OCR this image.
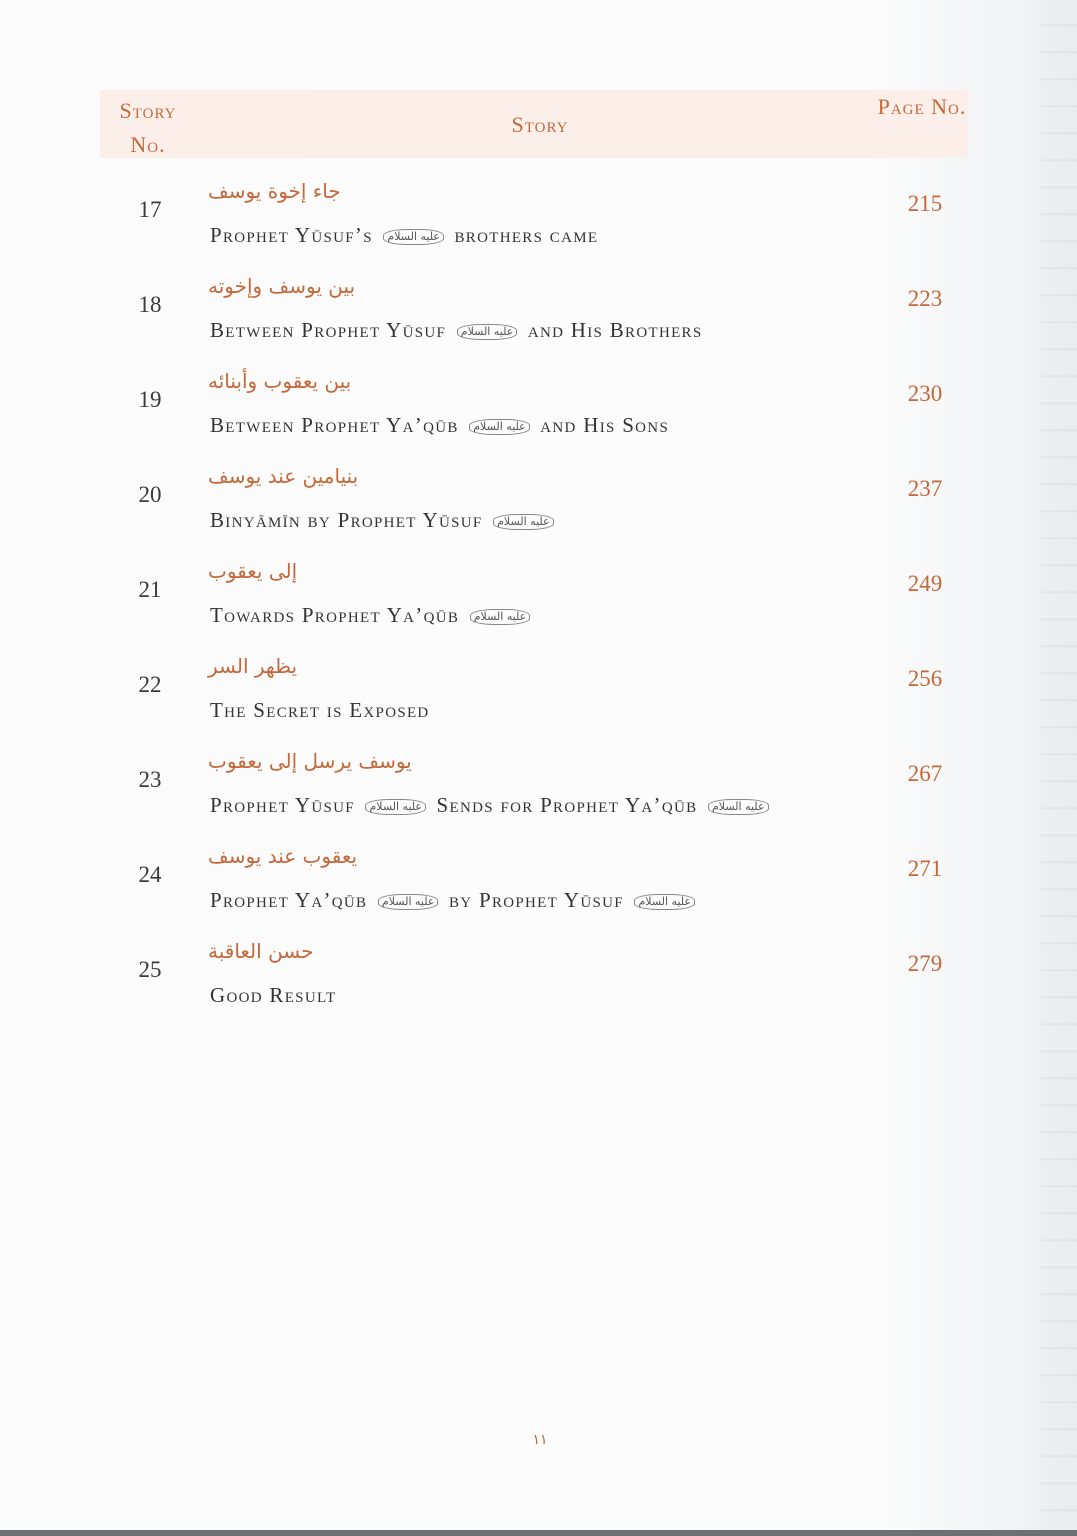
Story No.
Story
Page No.
17
جاء إخوة يوسف
Prophet Yūsuf’s عليه السلام brothers came
215
18
بين يوسف وإخوته
Between Prophet Yūsuf عليه السلام and His Brothers
223
19
بين يعقوب وأبنائه
Between Prophet Ya’qūb عليه السلام and His Sons
230
20
بنيامين عند يوسف
Binyāmīn by Prophet Yūsuf عليه السلام
237
21
إلى يعقوب
Towards Prophet Ya’qūb عليه السلام
249
22
يظهر السر
The Secret is Exposed
256
23
يوسف يرسل إلى يعقوب
Prophet Yūsuf عليه السلام Sends for Prophet Ya’qūb عليه السلام
267
24
يعقوب عند يوسف
Prophet Ya’qūb عليه السلام by Prophet Yūsuf عليه السلام
271
25
حسن العاقبة
Good Result
279
١١
